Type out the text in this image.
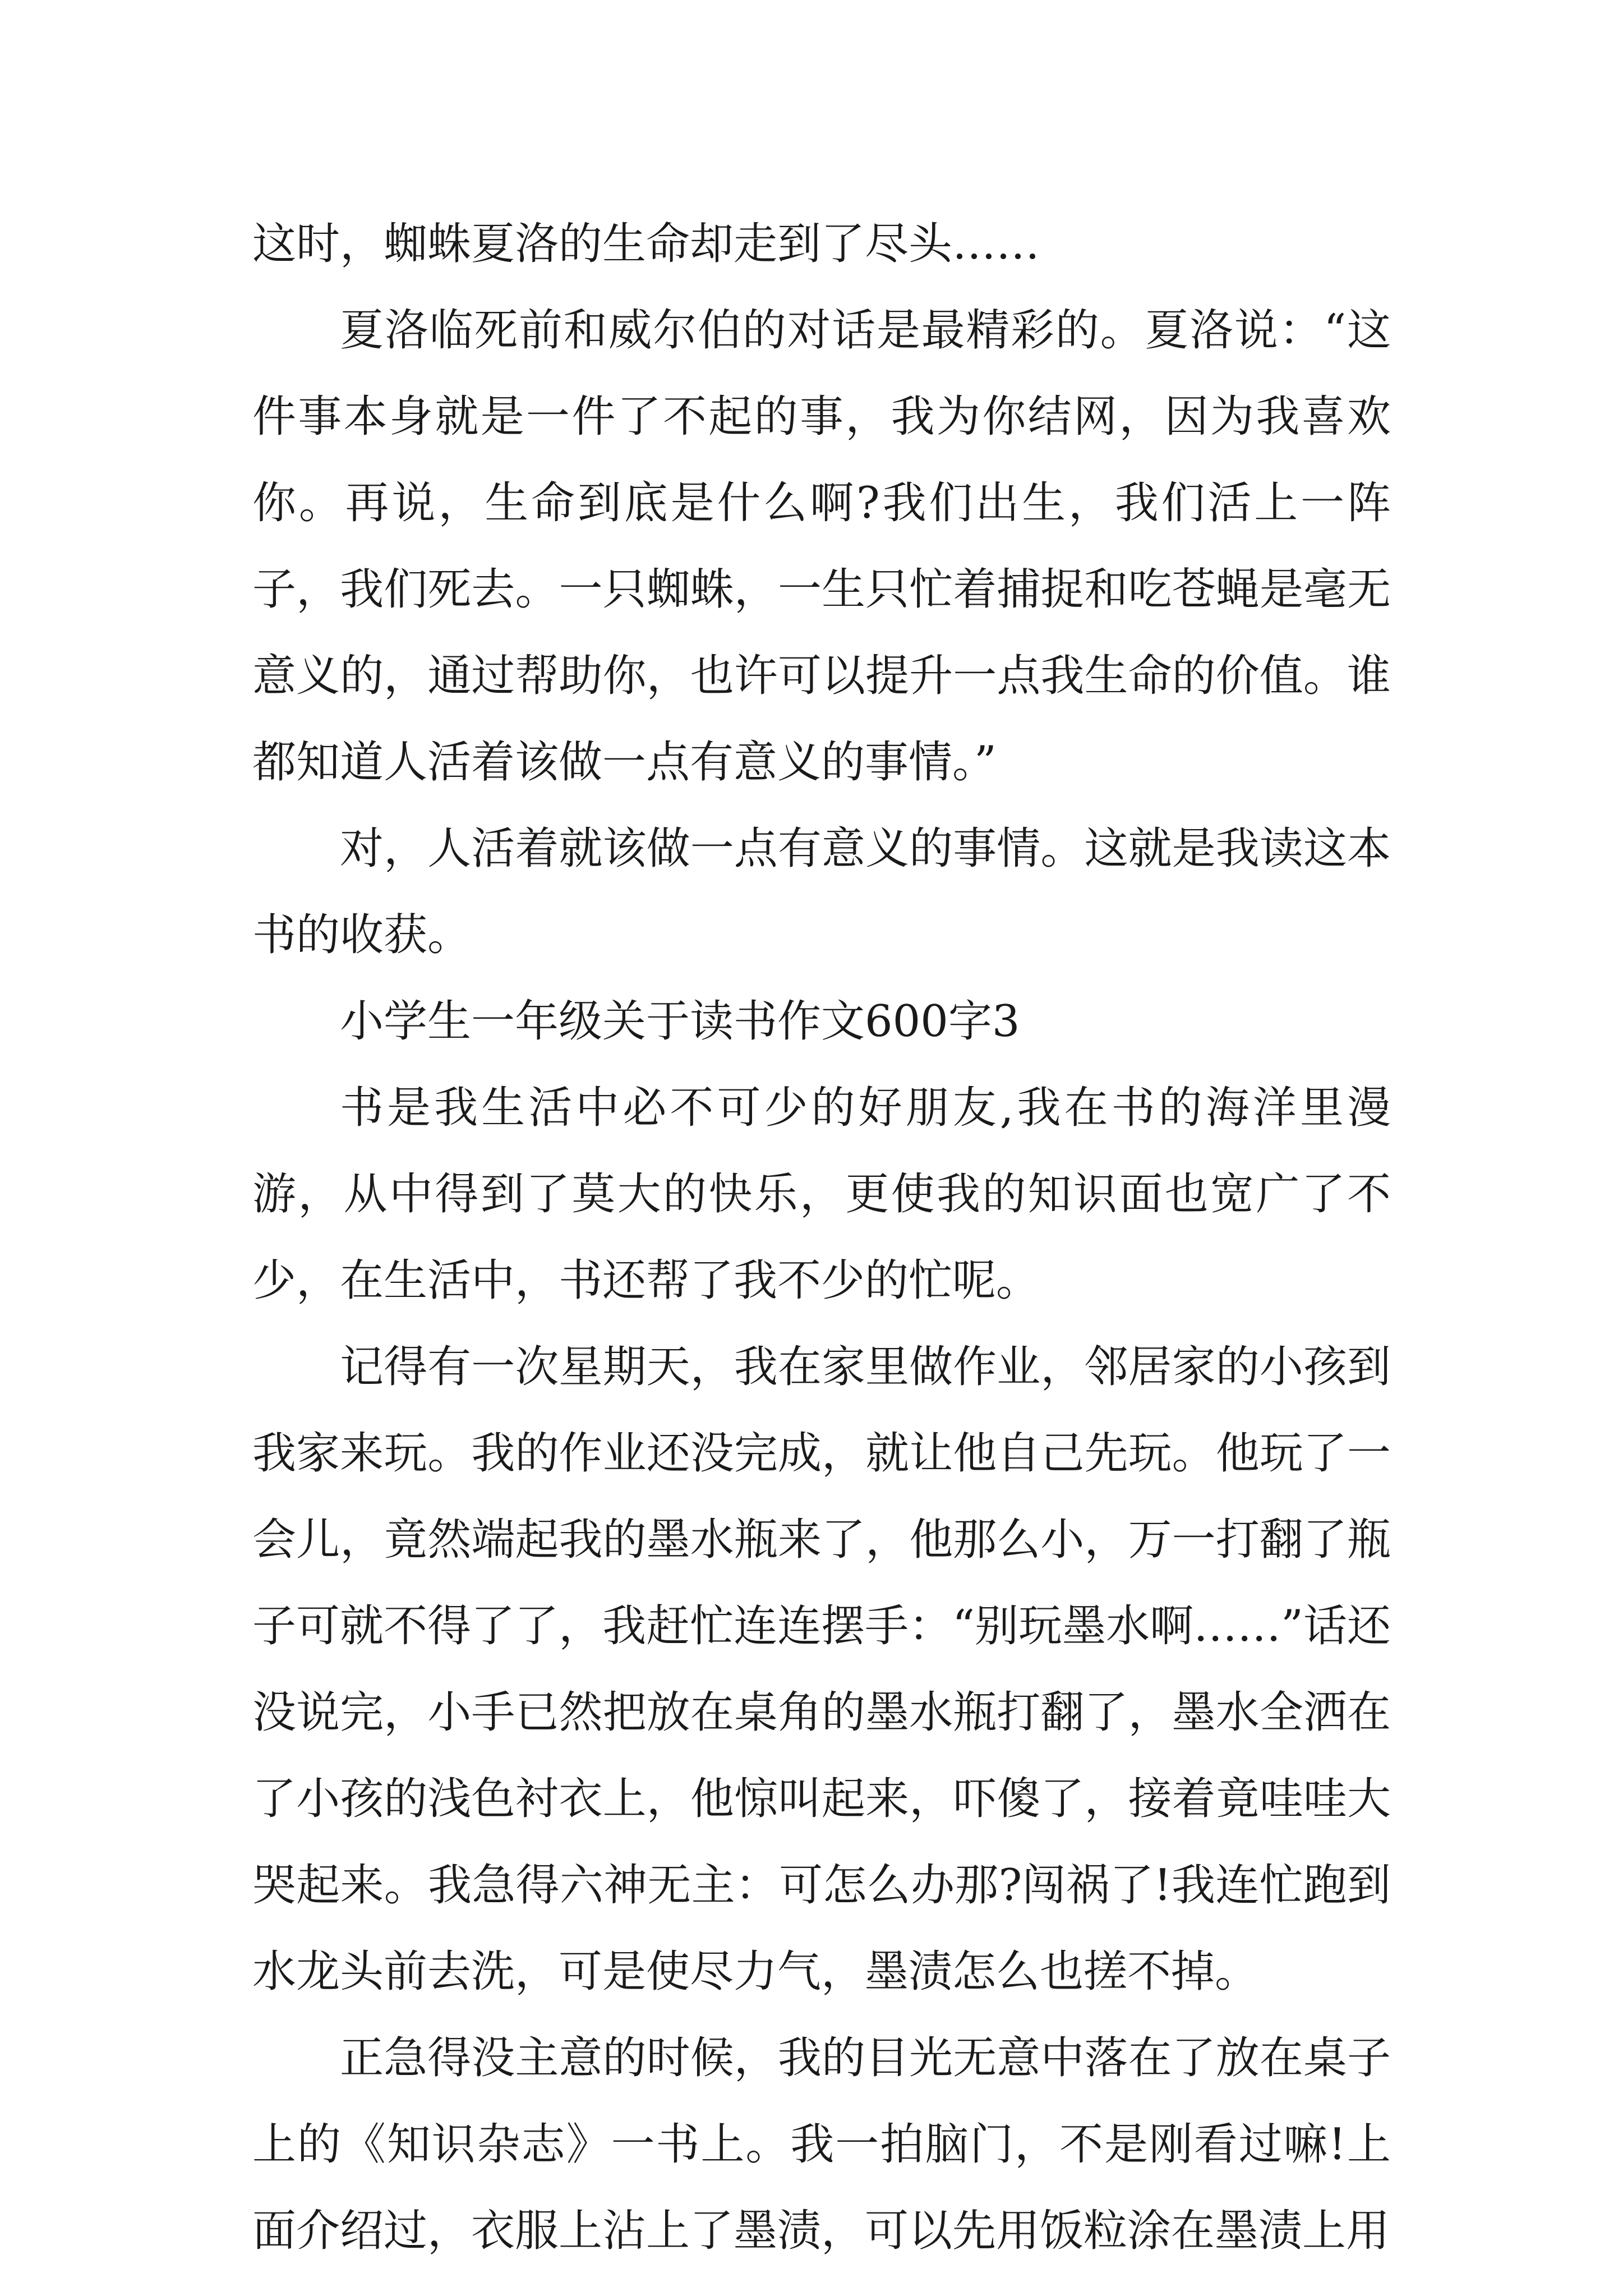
这时，蜘蛛夏洛的生命却走到了尽头……

夏洛临死前和威尔伯的对话是最精彩的。夏洛说：“这件事本身就是一件了不起的事，我为你结网，因为我喜欢你。再说，生命到底是什么啊?我们出生，我们活上一阵子，我们死去。一只蜘蛛，一生只忙着捕捉和吃苍蝇是毫无意义的，通过帮助你，也许可以提升一点我生命的价值。谁都知道人活着该做一点有意义的事情。”

对，人活着就该做一点有意义的事情。这就是我读这本书的收获。

小学生一年级关于读书作文600字3

书是我生活中必不可少的好朋友,我在书的海洋里漫游，从中得到了莫大的快乐，更使我的知识面也宽广了不少，在生活中，书还帮了我不少的忙呢。

记得有一次星期天，我在家里做作业，邻居家的小孩到我家来玩。我的作业还没完成，就让他自己先玩。他玩了一会儿，竟然端起我的墨水瓶来了，他那么小，万一打翻了瓶子可就不得了了，我赶忙连连摆手：“别玩墨水啊……”话还没说完，小手已然把放在桌角的墨水瓶打翻了，墨水全洒在了小孩的浅色衬衣上，他惊叫起来，吓傻了，接着竟哇哇大哭起来。我急得六神无主：可怎么办那?闯祸了!我连忙跑到水龙头前去洗，可是使尽力气，墨渍怎么也搓不掉。

正急得没主意的时候，我的目光无意中落在了放在桌子上的《知识杂志》一书上。我一拍脑门，不是刚看过嘛!上面介绍过，衣服上沾上了墨渍，可以先用饭粒涂在墨渍上用
